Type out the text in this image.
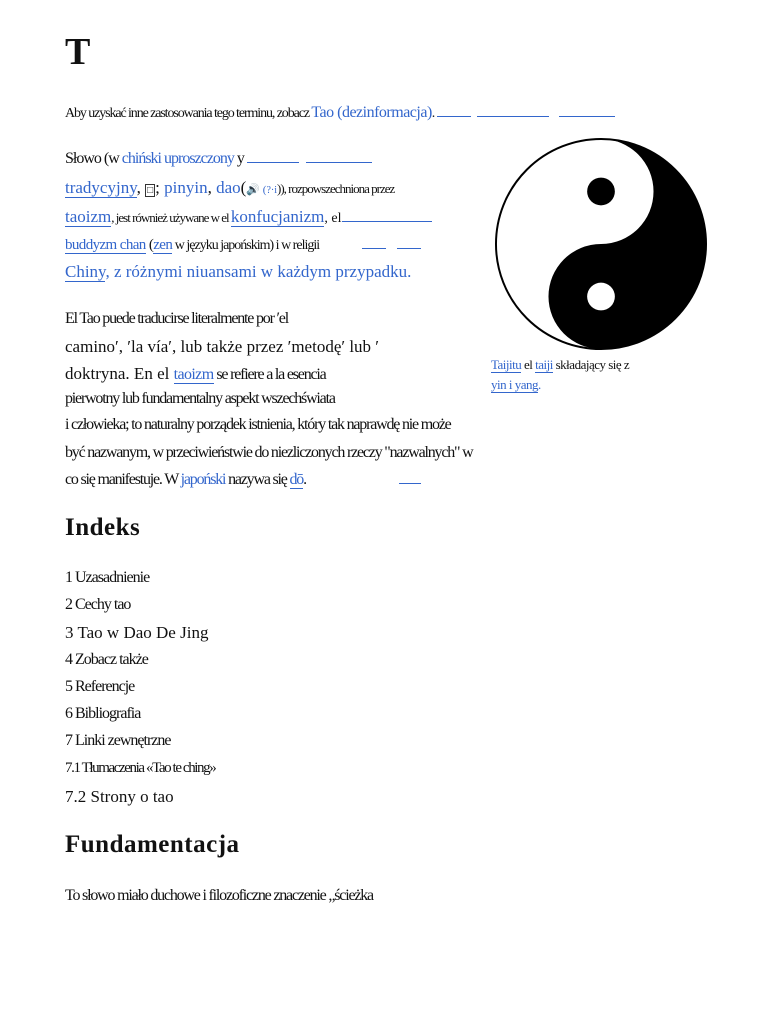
T
Aby uzyskać inne zastosowania tego terminu, zobacz Tao (dezinformacja).
Słowo (w chiński uproszczony y
tradycyjny, □ ; pinyin, dao(🔊 (?·i)), rozpowszechniona przez
taoizm, jest również używane w el konfucjanizm, el
buddyzm chan (zen w języku japońskim) i w religii
Chiny, z różnymi niuansami w każdym przypadku.
El Tao puede traducirse literalmente por ′el
camino′, ′la vía′, lub także przez ′metodę′ lub ′
doktryna. En el taoizm se refiere a la esencia
pierwotny lub fundamentalny aspekt wszechświata
i człowieka; to naturalny porządek istnienia, który tak naprawdę nie może
być nazwanym, w przeciwieństwie do niezliczonych rzeczy "nazwalnych" w
co się manifestuje. W japoński nazywa się dō.
Taijitu el taiji składający się z
yin i yang.
Indeks
1 Uzasadnienie
2 Cechy tao
3 Tao w Dao De Jing
4 Zobacz także
5 Referencje
6 Bibliografia
7 Linki zewnętrzne
7.1 Tłumaczenia «Tao te ching»
7.2 Strony o tao
Fundamentacja
To słowo miało duchowe i filozoficzne znaczenie „ścieżka
